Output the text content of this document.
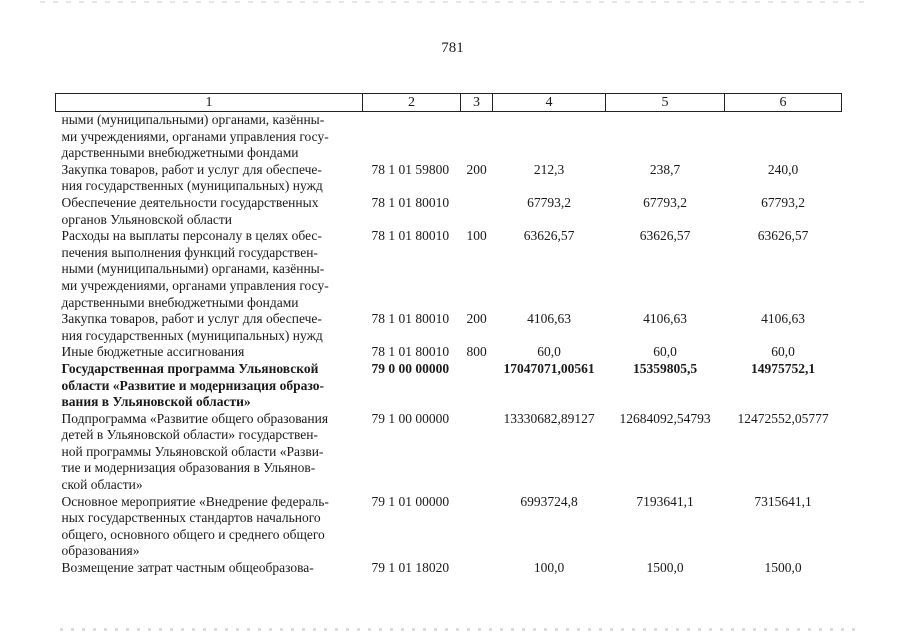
781
1	2	3	4	5	6
ными (муниципальными) органами, казённы-
ми учреждениями, органами управления госу-
дарственными внебюджетными фондами					
Закупка товаров, работ и услуг для обеспече-
ния государственных (муниципальных) нужд	78 1 01 59800	200	212,3	238,7	240,0
Обеспечение деятельности государственных
органов Ульяновской области	78 1 01 80010		67793,2	67793,2	67793,2
Расходы на выплаты персоналу в целях обес-
печения выполнения функций государствен-
ными (муниципальными) органами, казённы-
ми учреждениями, органами управления госу-
дарственными внебюджетными фондами	78 1 01 80010	100	63626,57	63626,57	63626,57
Закупка товаров, работ и услуг для обеспече-
ния государственных (муниципальных) нужд	78 1 01 80010	200	4106,63	4106,63	4106,63
Иные бюджетные ассигнования	78 1 01 80010	800	60,0	60,0	60,0
Государственная программа Ульяновской
области «Развитие и модернизация образо-
вания в Ульяновской области»	79 0 00 00000		17047071,00561	15359805,5	14975752,1
Подпрограмма «Развитие общего образования
детей в Ульяновской области» государствен-
ной программы Ульяновской области «Разви-
тие и модернизация образования в Ульянов-
ской области»	79 1 00 00000		13330682,89127	12684092,54793	12472552,05777
Основное мероприятие «Внедрение федераль-
ных государственных стандартов начального
общего, основного общего и среднего общего
образования»	79 1 01 00000		6993724,8	7193641,1	7315641,1
Возмещение затрат частным общеобразова-	79 1 01 18020		100,0	1500,0	1500,0
